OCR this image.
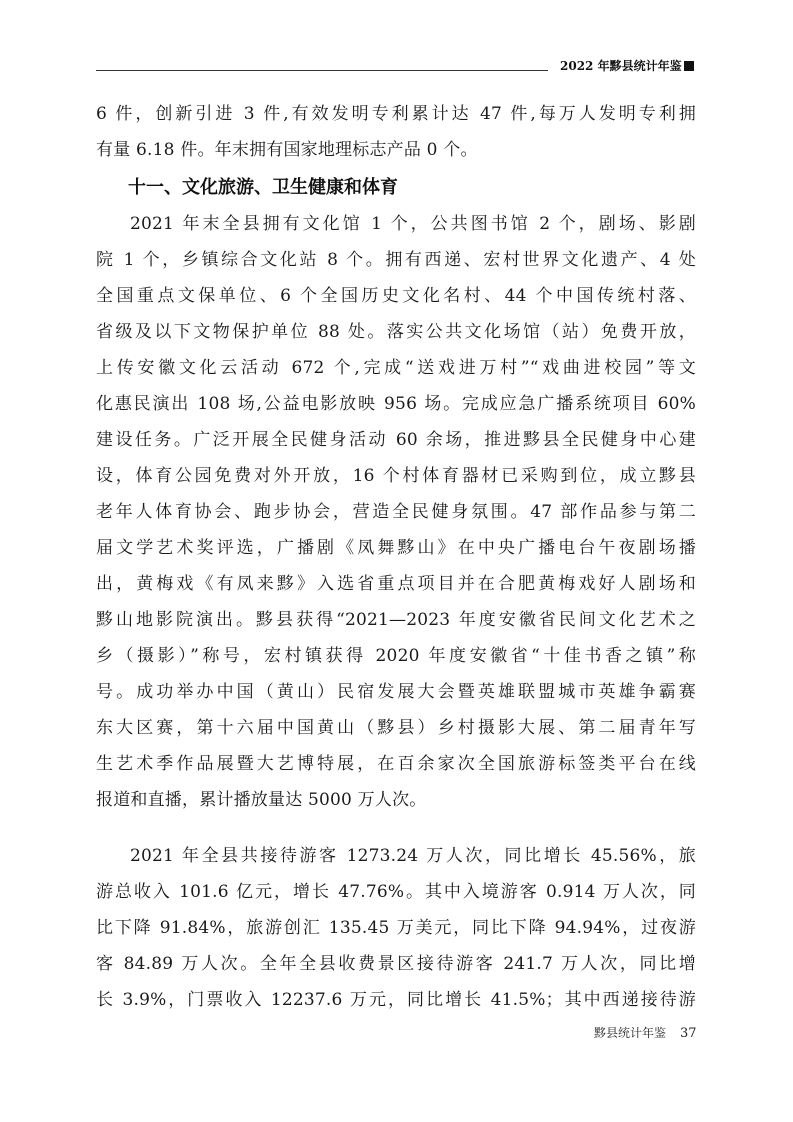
2022 年黟县统计年鉴
6 件，创新引进 3 件,有效发明专利累计达 47 件,每万人发明专利拥
有量 6.18 件。年末拥有国家地理标志产品 0 个。
十一、文化旅游、卫生健康和体育
2021 年末全县拥有文化馆 1 个，公共图书馆 2 个，剧场、影剧
院 1 个，乡镇综合文化站 8 个。拥有西递、宏村世界文化遗产、4 处
全国重点文保单位、6 个全国历史文化名村、44 个中国传统村落、
省级及以下文物保护单位 88 处。落实公共文化场馆（站）免费开放，
上传安徽文化云活动 672 个,完成“送戏进万村”“戏曲进校园”等文
化惠民演出 108 场,公益电影放映 956 场。完成应急广播系统项目 60%
建设任务。广泛开展全民健身活动 60 余场，推进黟县全民健身中心建
设，体育公园免费对外开放，16 个村体育器材已采购到位，成立黟县
老年人体育协会、跑步协会，营造全民健身氛围。47 部作品参与第二
届文学艺术奖评选，广播剧《凤舞黟山》在中央广播电台午夜剧场播
出，黄梅戏《有凤来黟》入选省重点项目并在合肥黄梅戏好人剧场和
黟山地影院演出。黟县获得“2021—2023 年度安徽省民间文化艺术之
乡（摄影）”称号，宏村镇获得 2020 年度安徽省“十佳书香之镇”称
号。成功举办中国（黄山）民宿发展大会暨英雄联盟城市英雄争霸赛
东大区赛，第十六届中国黄山（黟县）乡村摄影大展、第二届青年写
生艺术季作品展暨大艺博特展，在百余家次全国旅游标签类平台在线
报道和直播，累计播放量达 5000 万人次。
2021 年全县共接待游客 1273.24 万人次，同比增长 45.56%，旅
游总收入 101.6 亿元，增长 47.76%。其中入境游客 0.914 万人次，同
比下降 91.84%，旅游创汇 135.45 万美元，同比下降 94.94%，过夜游
客 84.89 万人次。全年全县收费景区接待游客 241.7 万人次，同比增
长 3.9%，门票收入 12237.6 万元，同比增长 41.5%；其中西递接待游
黟县统计年鉴 37
